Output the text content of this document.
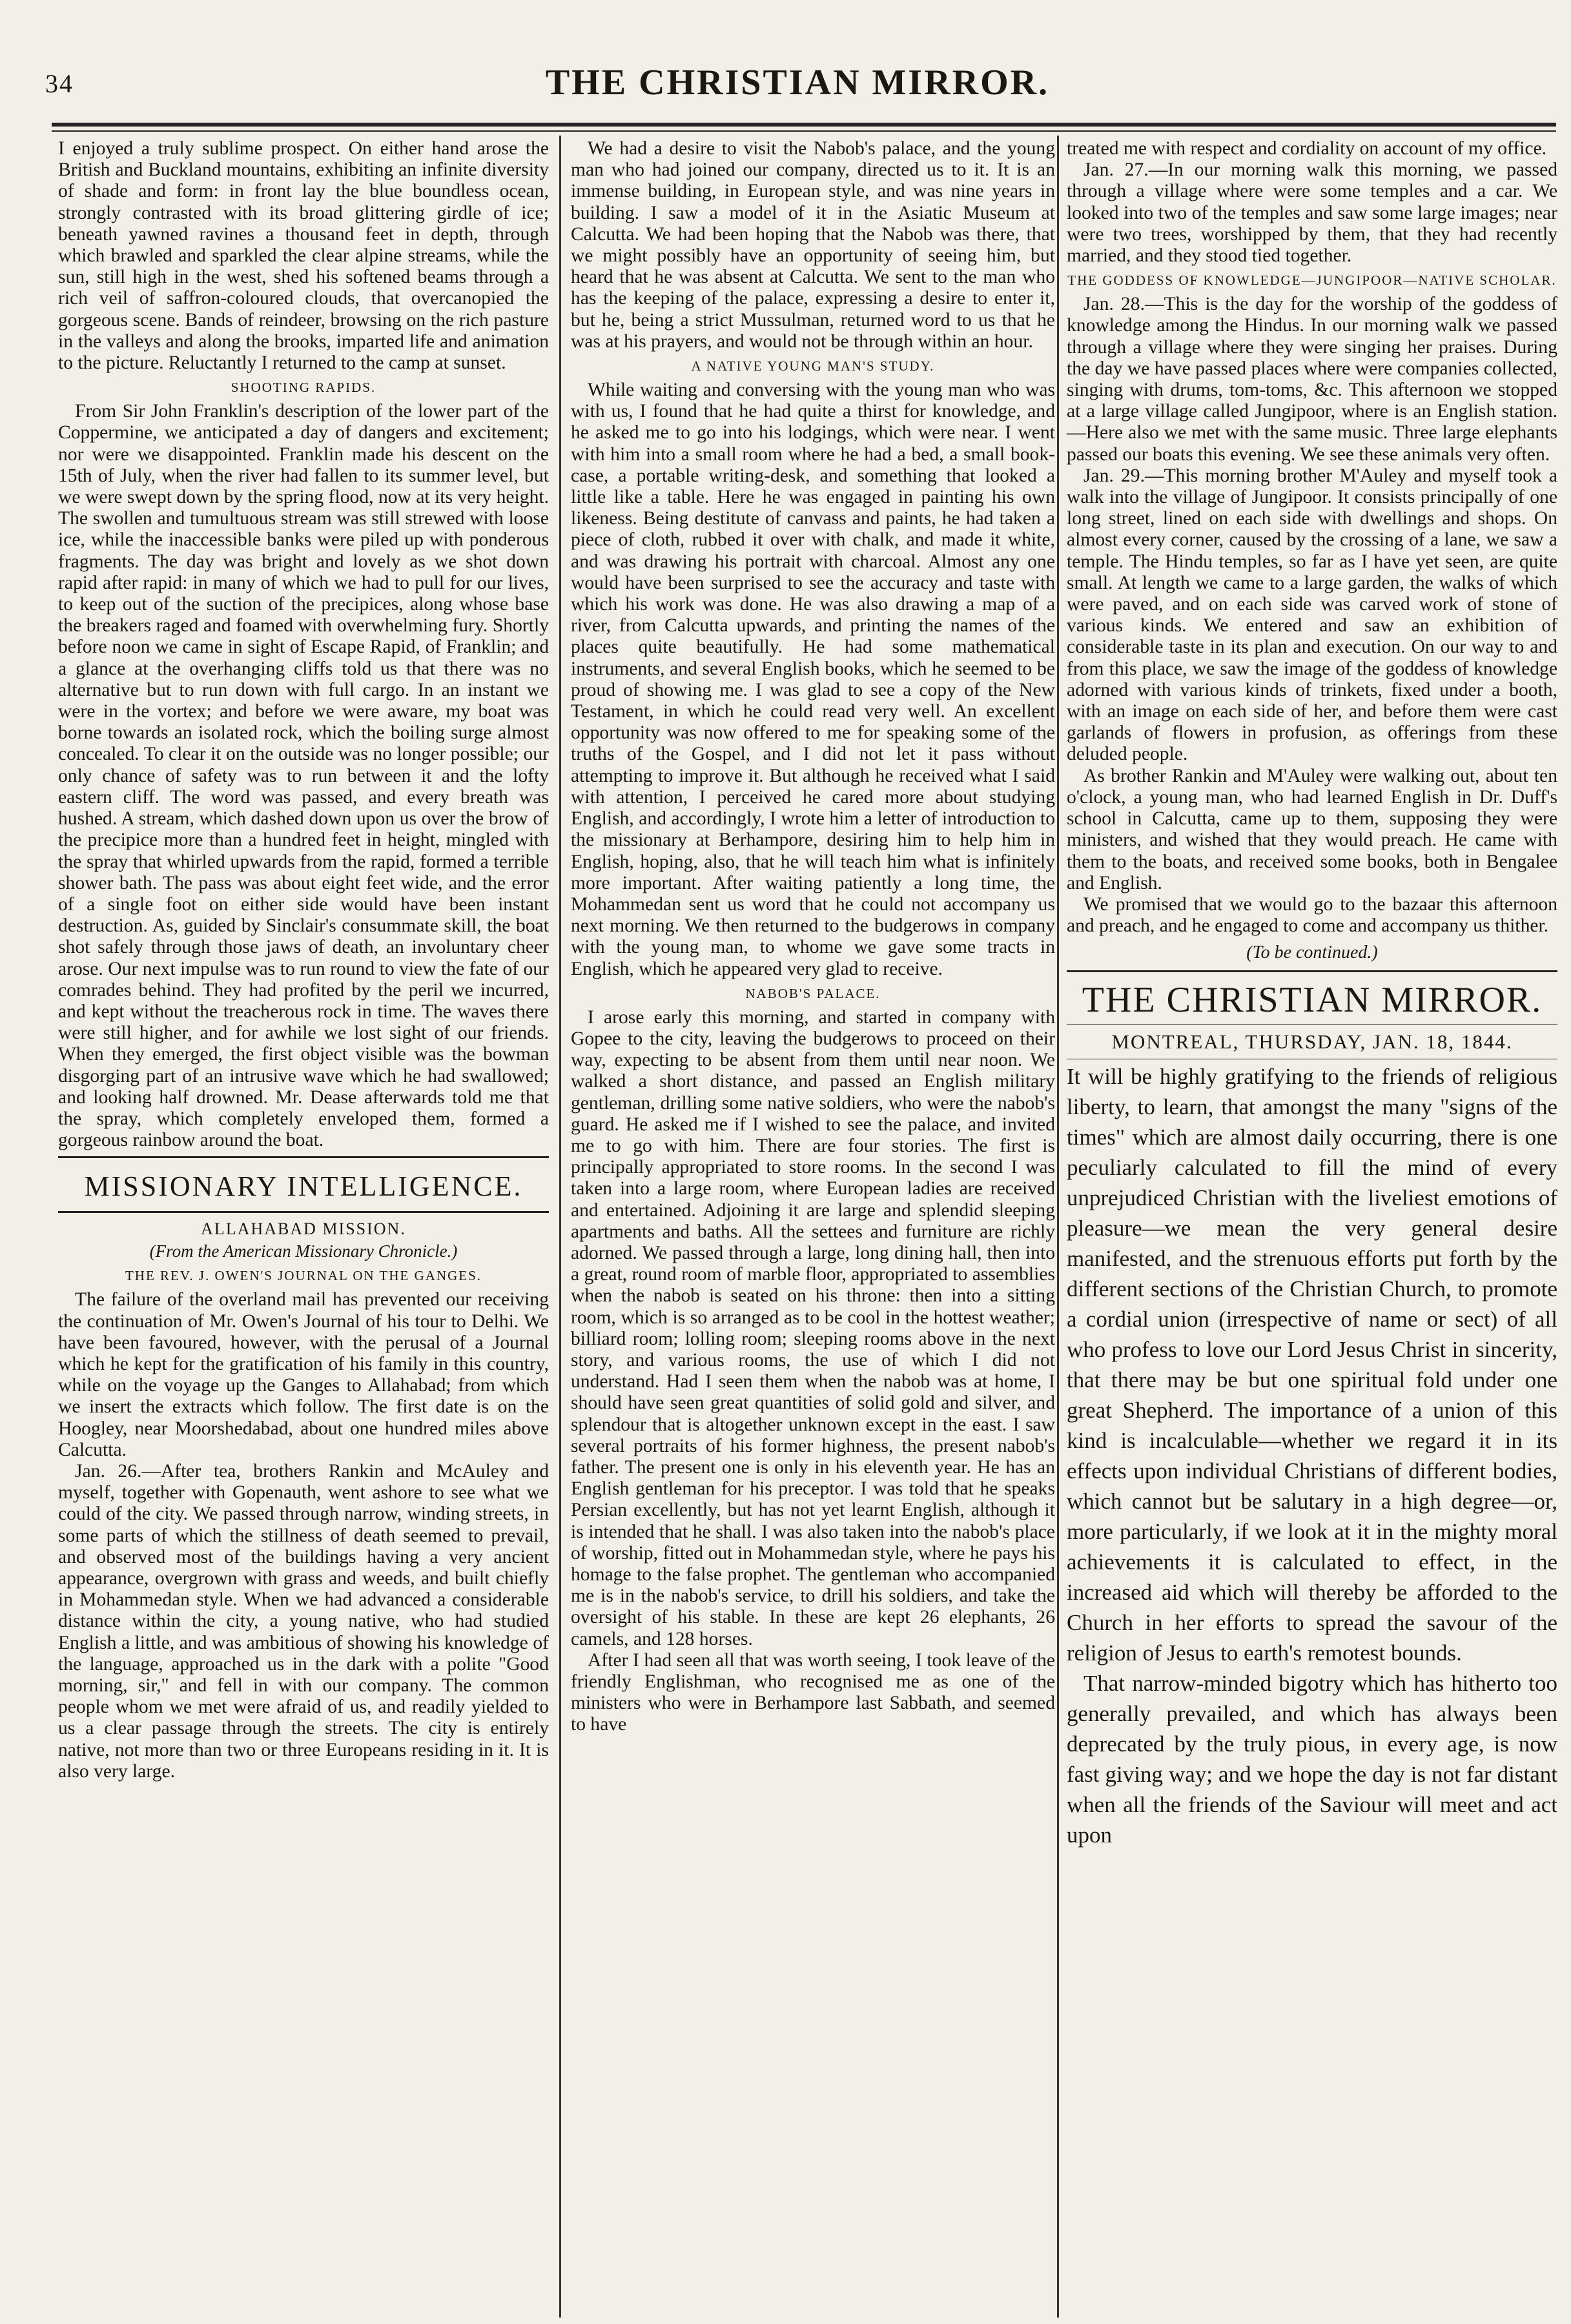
34	THE CHRISTIAN MIRROR.

I enjoyed a truly sublime prospect. On either hand arose the British and Buckland mountains, exhibiting an infinite diversity of shade and form: in front lay the blue boundless ocean, strongly contrasted with its broad glittering girdle of ice; beneath yawned ravines a thousand feet in depth, through which brawled and sparkled the clear alpine streams, while the sun, still high in the west, shed his softened beams through a rich veil of saffron-coloured clouds, that overcanopied the gorgeous scene. Bands of reindeer, browsing on the rich pasture in the valleys and along the brooks, imparted life and animation to the picture. Reluctantly I returned to the camp at sunset.

SHOOTING RAPIDS.

From Sir John Franklin's description of the lower part of the Coppermine, we anticipated a day of dangers and excitement; nor were we disappointed. Franklin made his descent on the 15th of July, when the river had fallen to its summer level, but we were swept down by the spring flood, now at its very height. The swollen and tumultuous stream was still strewed with loose ice, while the inaccessible banks were piled up with ponderous fragments. The day was bright and lovely as we shot down rapid after rapid: in many of which we had to pull for our lives, to keep out of the suction of the precipices, along whose base the breakers raged and foamed with overwhelming fury. Shortly before noon we came in sight of Escape Rapid, of Franklin; and a glance at the overhanging cliffs told us that there was no alternative but to run down with full cargo. In an instant we were in the vortex; and before we were aware, my boat was borne towards an isolated rock, which the boiling surge almost concealed. To clear it on the outside was no longer possible; our only chance of safety was to run between it and the lofty eastern cliff. The word was passed, and every breath was hushed. A stream, which dashed down upon us over the brow of the precipice more than a hundred feet in height, mingled with the spray that whirled upwards from the rapid, formed a terrible shower bath. The pass was about eight feet wide, and the error of a single foot on either side would have been instant destruction. As, guided by Sinclair's consummate skill, the boat shot safely through those jaws of death, an involuntary cheer arose. Our next impulse was to run round to view the fate of our comrades behind. They had profited by the peril we incurred, and kept without the treacherous rock in time. The waves there were still higher, and for awhile we lost sight of our friends. When they emerged, the first object visible was the bowman disgorging part of an intrusive wave which he had swallowed; and looking half drowned. Mr. Dease afterwards told me that the spray, which completely enveloped them, formed a gorgeous rainbow around the boat.

MISSIONARY INTELLIGENCE.
ALLAHABAD MISSION.
(From the American Missionary Chronicle.)
THE REV. J. OWEN'S JOURNAL ON THE GANGES.

The failure of the overland mail has prevented our receiving the continuation of Mr. Owen's Journal of his tour to Delhi. We have been favoured, however, with the perusal of a Journal which he kept for the gratification of his family in this country, while on the voyage up the Ganges to Allahabad; from which we insert the extracts which follow. The first date is on the Hoogley, near Moorshedabad, about one hundred miles above Calcutta.

Jan. 26.—After tea, brothers Rankin and McAuley and myself, together with Gopenauth, went ashore to see what we could of the city. We passed through narrow, winding streets, in some parts of which the stillness of death seemed to prevail, and observed most of the buildings having a very ancient appearance, overgrown with grass and weeds, and built chiefly in Mohammedan style. When we had advanced a considerable distance within the city, a young native, who had studied English a little, and was ambitious of showing his knowledge of the language, approached us in the dark with a polite "Good morning, sir," and fell in with our company. The common people whom we met were afraid of us, and readily yielded to us a clear passage through the streets. The city is entirely native, not more than two or three Europeans residing in it. It is also very large.

We had a desire to visit the Nabob's palace, and the young man who had joined our company, directed us to it. It is an immense building, in European style, and was nine years in building. I saw a model of it in the Asiatic Museum at Calcutta. We had been hoping that the Nabob was there, that we might possibly have an opportunity of seeing him, but heard that he was absent at Calcutta. We sent to the man who has the keeping of the palace, expressing a desire to enter it, but he, being a strict Mussulman, returned word to us that he was at his prayers, and would not be through within an hour.

A NATIVE YOUNG MAN'S STUDY.

While waiting and conversing with the young man who was with us, I found that he had quite a thirst for knowledge, and he asked me to go into his lodgings, which were near. I went with him into a small room where he had a bed, a small book-case, a portable writing-desk, and something that looked a little like a table. Here he was engaged in painting his own likeness. Being destitute of canvass and paints, he had taken a piece of cloth, rubbed it over with chalk, and made it white, and was drawing his portrait with charcoal. Almost any one would have been surprised to see the accuracy and taste with which his work was done. He was also drawing a map of a river, from Calcutta upwards, and printing the names of the places quite beautifully. He had some mathematical instruments, and several English books, which he seemed to be proud of showing me. I was glad to see a copy of the New Testament, in which he could read very well. An excellent opportunity was now offered to me for speaking some of the truths of the Gospel, and I did not let it pass without attempting to improve it. But although he received what I said with attention, I perceived he cared more about studying English, and accordingly, I wrote him a letter of introduction to the missionary at Berhampore, desiring him to help him in English, hoping, also, that he will teach him what is infinitely more important. After waiting patiently a long time, the Mohammedan sent us word that he could not accompany us next morning. We then returned to the budgerows in company with the young man, to whome we gave some tracts in English, which he appeared very glad to receive.

NABOB'S PALACE.

I arose early this morning, and started in company with Gopee to the city, leaving the budgerows to proceed on their way, expecting to be absent from them until near noon. We walked a short distance, and passed an English military gentleman, drilling some native soldiers, who were the nabob's guard. He asked me if I wished to see the palace, and invited me to go with him. There are four stories. The first is principally appropriated to store rooms. In the second I was taken into a large room, where European ladies are received and entertained. Adjoining it are large and splendid sleeping apartments and baths. All the settees and furniture are richly adorned. We passed through a large, long dining hall, then into a great, round room of marble floor, appropriated to assemblies when the nabob is seated on his throne: then into a sitting room, which is so arranged as to be cool in the hottest weather; billiard room; lolling room; sleeping rooms above in the next story, and various rooms, the use of which I did not understand. Had I seen them when the nabob was at home, I should have seen great quantities of solid gold and silver, and splendour that is altogether unknown except in the east. I saw several portraits of his former highness, the present nabob's father. The present one is only in his eleventh year. He has an English gentleman for his preceptor. I was told that he speaks Persian excellently, but has not yet learnt English, although it is intended that he shall. I was also taken into the nabob's place of worship, fitted out in Mohammedan style, where he pays his homage to the false prophet. The gentleman who accompanied me is in the nabob's service, to drill his soldiers, and take the oversight of his stable. In these are kept 26 elephants, 26 camels, and 128 horses.

After I had seen all that was worth seeing, I took leave of the friendly Englishman, who recognised me as one of the ministers who were in Berhampore last Sabbath, and seemed to have

treated me with respect and cordiality on account of my office.

Jan. 27.—In our morning walk this morning, we passed through a village where were some temples and a car. We looked into two of the temples and saw some large images; near were two trees, worshipped by them, that they had recently married, and they stood tied together.

THE GODDESS OF KNOWLEDGE—JUNGIPOOR—NATIVE SCHOLAR.

Jan. 28.—This is the day for the worship of the goddess of knowledge among the Hindus. In our morning walk we passed through a village where they were singing her praises. During the day we have passed places where were companies collected, singing with drums, tom-toms, &c. This afternoon we stopped at a large village called Jungipoor, where is an English station.—Here also we met with the same music. Three large elephants passed our boats this evening. We see these animals very often.

Jan. 29.—This morning brother M'Auley and myself took a walk into the village of Jungipoor. It consists principally of one long street, lined on each side with dwellings and shops. On almost every corner, caused by the crossing of a lane, we saw a temple. The Hindu temples, so far as I have yet seen, are quite small. At length we came to a large garden, the walks of which were paved, and on each side was carved work of stone of various kinds. We entered and saw an exhibition of considerable taste in its plan and execution. On our way to and from this place, we saw the image of the goddess of knowledge adorned with various kinds of trinkets, fixed under a booth, with an image on each side of her, and before them were cast garlands of flowers in profusion, as offerings from these deluded people.

As brother Rankin and M'Auley were walking out, about ten o'clock, a young man, who had learned English in Dr. Duff's school in Calcutta, came up to them, supposing they were ministers, and wished that they would preach. He came with them to the boats, and received some books, both in Bengalee and English.

We promised that we would go to the bazaar this afternoon and preach, and he engaged to come and accompany us thither.

(To be continued.)
THE CHRISTIAN MIRROR.
MONTREAL, THURSDAY, JAN. 18, 1844.

It will be highly gratifying to the friends of religious liberty, to learn, that amongst the many "signs of the times" which are almost daily occurring, there is one peculiarly calculated to fill the mind of every unprejudiced Christian with the liveliest emotions of pleasure—we mean the very general desire manifested, and the strenuous efforts put forth by the different sections of the Christian Church, to promote a cordial union (irrespective of name or sect) of all who profess to love our Lord Jesus Christ in sincerity, that there may be but one spiritual fold under one great Shepherd. The importance of a union of this kind is incalculable—whether we regard it in its effects upon individual Christians of different bodies, which cannot but be salutary in a high degree—or, more particularly, if we look at it in the mighty moral achievements it is calculated to effect, in the increased aid which will thereby be afforded to the Church in her efforts to spread the savour of the religion of Jesus to earth's remotest bounds.

That narrow-minded bigotry which has hitherto too generally prevailed, and which has always been deprecated by the truly pious, in every age, is now fast giving way; and we hope the day is not far distant when all the friends of the Saviour will meet and act upon
